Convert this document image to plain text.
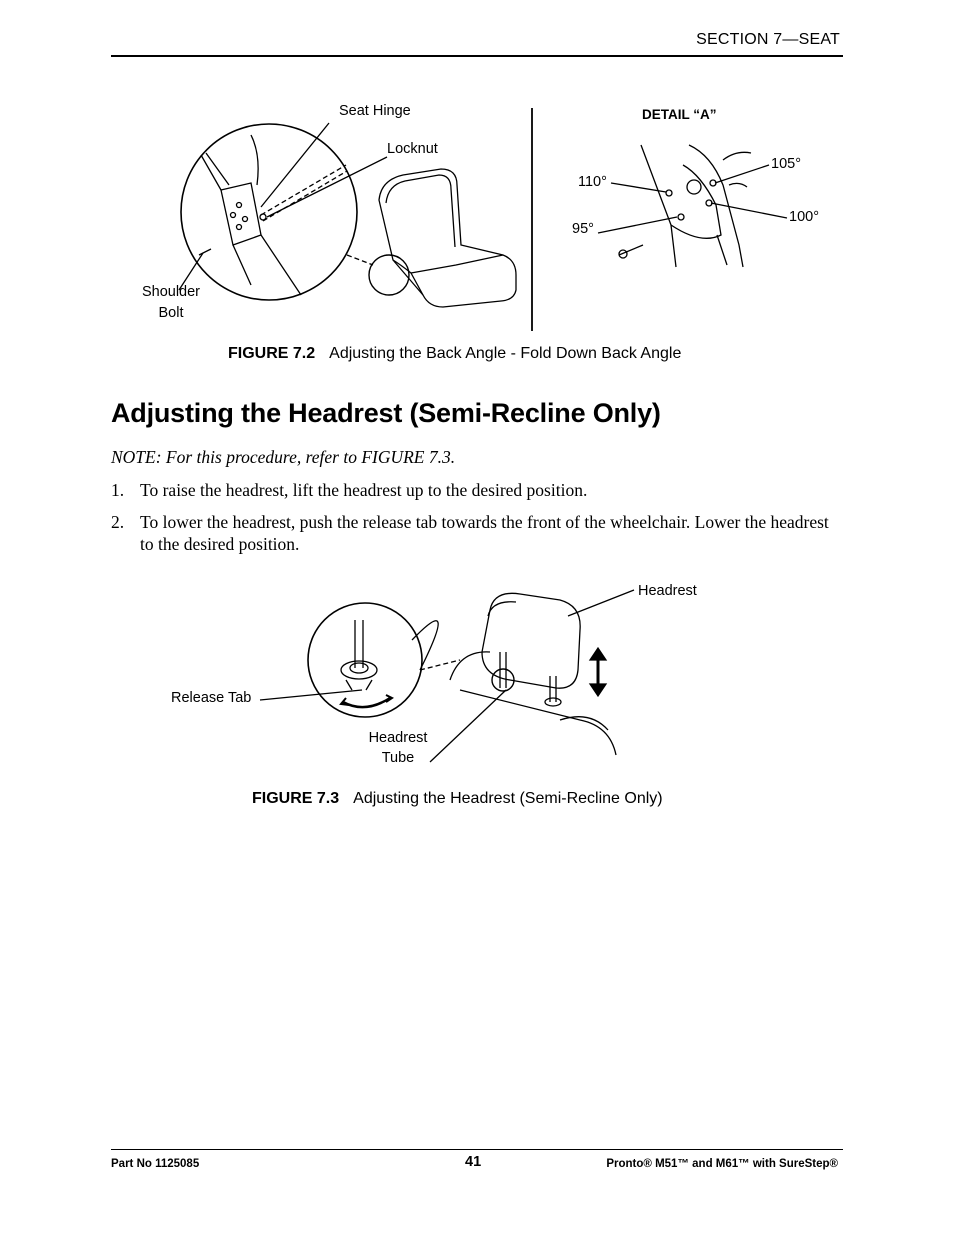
SECTION 7—SEAT
Seat Hinge
Locknut
Shoulder
Bolt
DETAIL “A”
110°
105°
95°
100°
FIGURE 7.2 Adjusting the Back Angle - Fold Down Back Angle
Adjusting the Headrest (Semi-Recline Only)
NOTE: For this procedure, refer to FIGURE 7.3.
1. To raise the headrest, lift the headrest up to the desired position.
2. To lower the headrest, push the release tab towards the front of the wheelchair. Lower the headrest to the desired position.
Headrest
Release Tab
Headrest
Tube
FIGURE 7.3 Adjusting the Headrest (Semi-Recline Only)
Part No 1125085	41	Pronto® M51™ and M61™ with SureStep®
